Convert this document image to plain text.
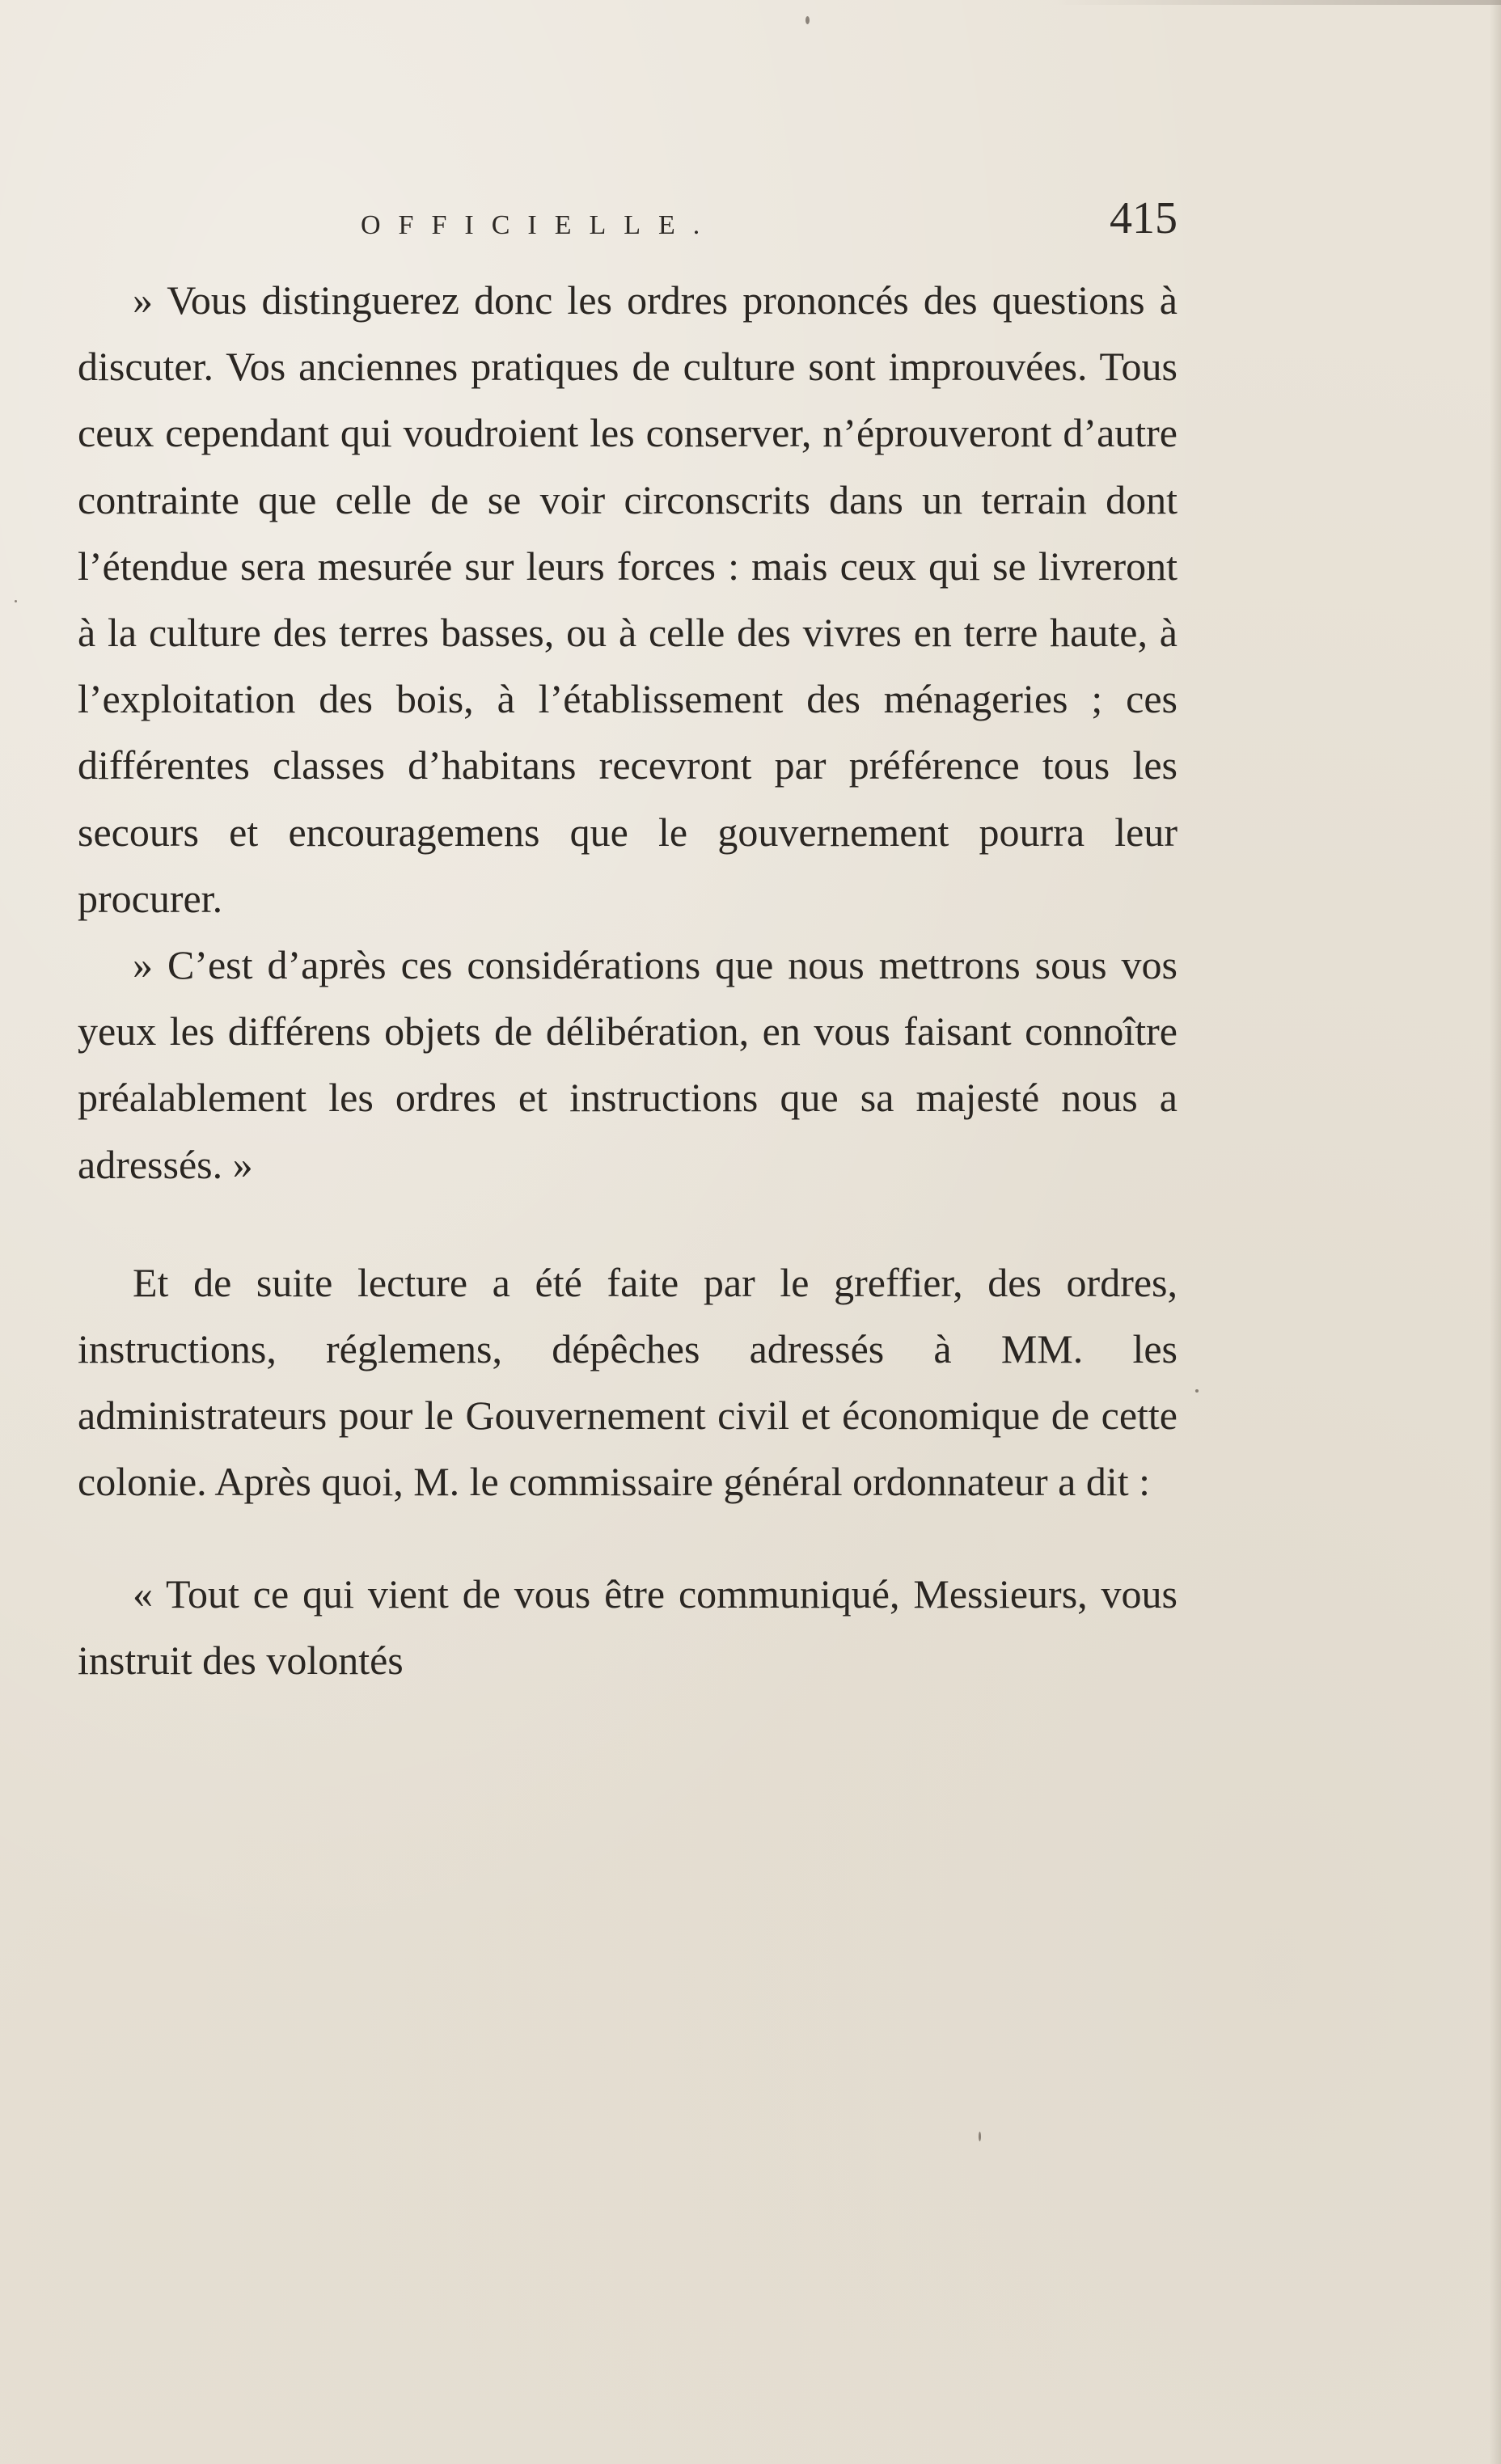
OFFICIELLE.	415

» Vous distinguerez donc les ordres prononcés des questions à discuter. Vos anciennes pratiques de culture sont improuvées. Tous ceux cependant qui voudroient les conserver, n’éprouveront d’autre contrainte que celle de se voir circonscrits dans un terrain dont l’étendue sera mesurée sur leurs forces : mais ceux qui se livreront à la culture des terres basses, ou à celle des vivres en terre haute, à l’exploitation des bois, à l’établissement des ménageries ; ces différentes classes d’habitans recevront par préférence tous les secours et encouragemens que le gouvernement pourra leur procurer.

» C’est d’après ces considérations que nous mettrons sous vos yeux les différens objets de délibération, en vous faisant connoître préalablement les ordres et instructions que sa majesté nous a adressés. »

Et de suite lecture a été faite par le greffier, des ordres, instructions, réglemens, dépêches adressés à MM. les administrateurs pour le Gouvernement civil et économique de cette colonie. Après quoi, M. le commissaire général ordonnateur a dit :

« Tout ce qui vient de vous être communiqué, Messieurs, vous instruit des volontés
